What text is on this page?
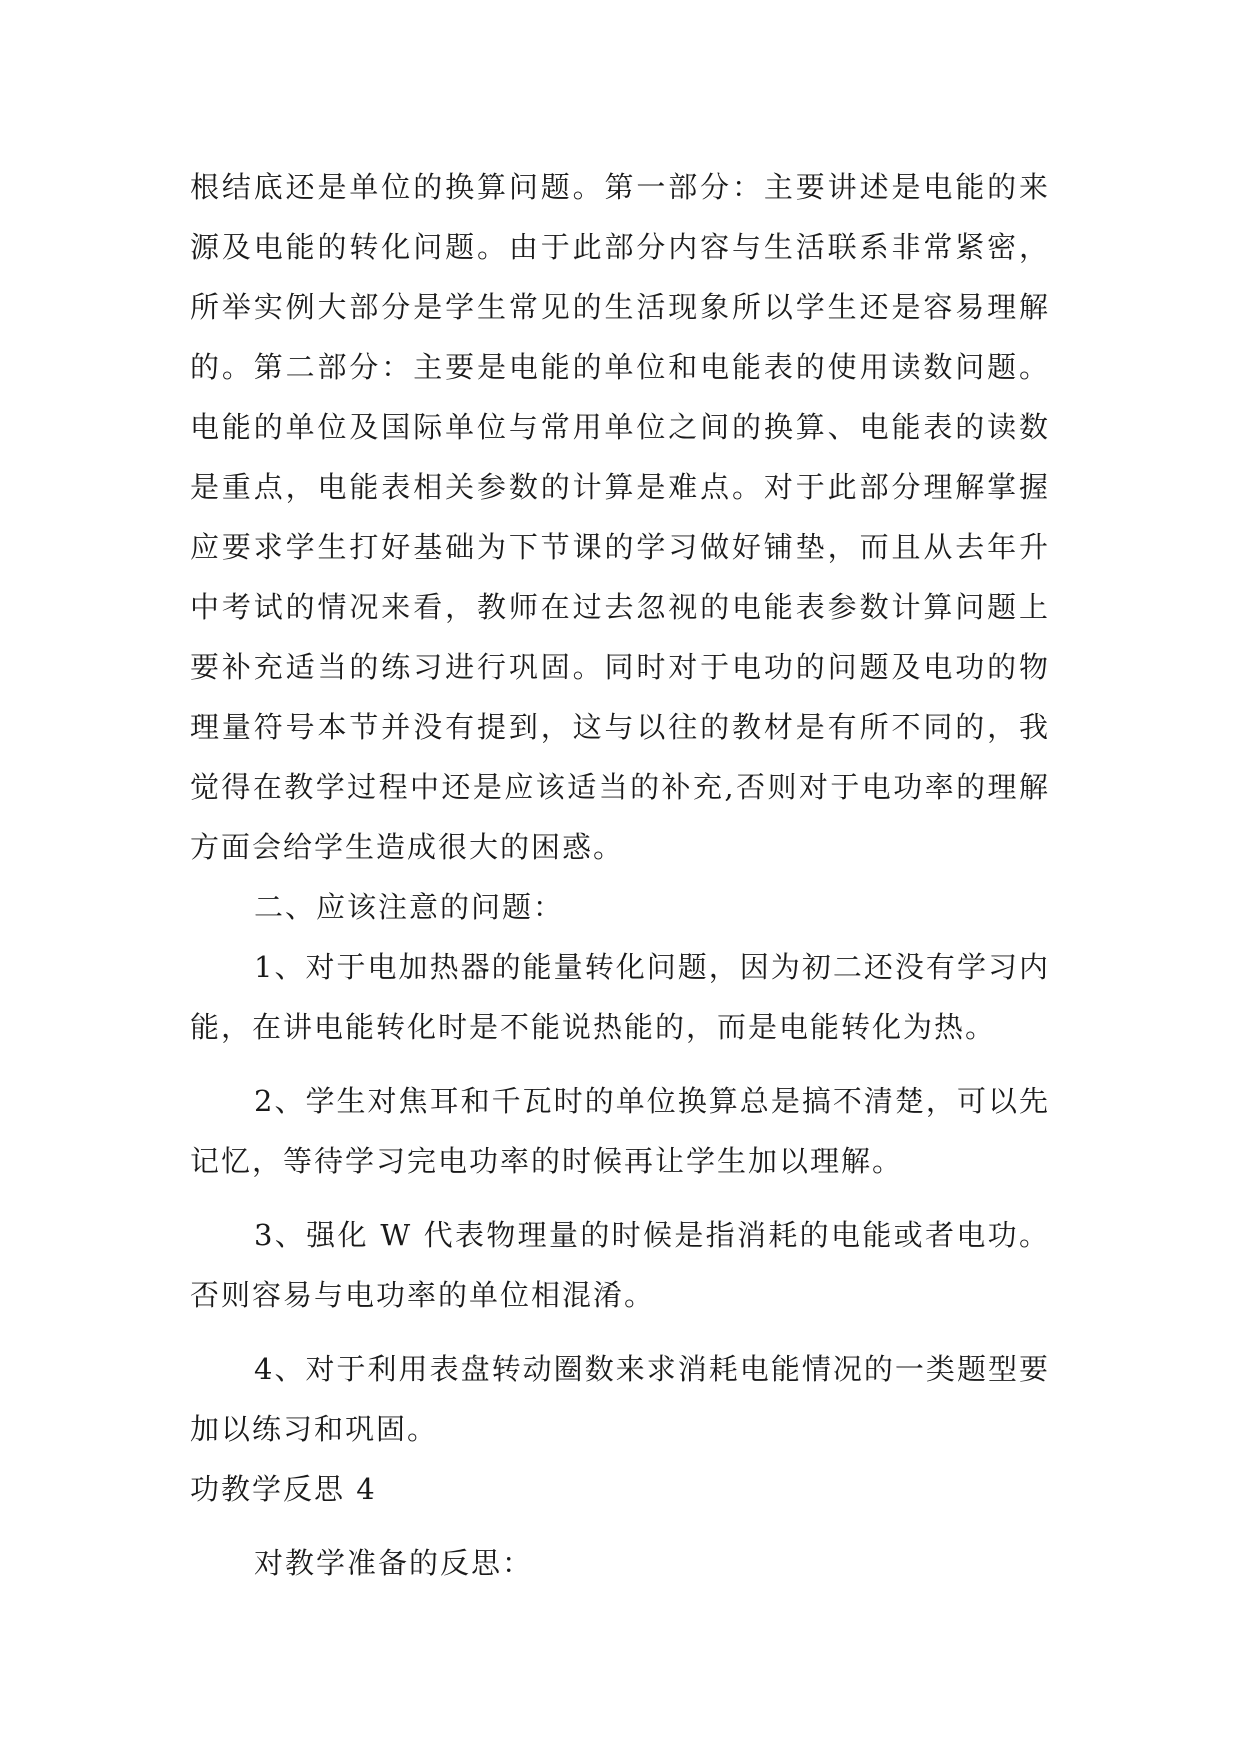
根结底还是单位的换算问题。第一部分：主要讲述是电能的来源及电能的转化问题。由于此部分内容与生活联系非常紧密，所举实例大部分是学生常见的生活现象所以学生还是容易理解的。第二部分：主要是电能的单位和电能表的使用读数问题。电能的单位及国际单位与常用单位之间的换算、电能表的读数是重点，电能表相关参数的计算是难点。对于此部分理解掌握应要求学生打好基础为下节课的学习做好铺垫，而且从去年升中考试的情况来看，教师在过去忽视的电能表参数计算问题上要补充适当的练习进行巩固。同时对于电功的问题及电功的物理量符号本节并没有提到，这与以往的教材是有所不同的，我觉得在教学过程中还是应该适当的补充,否则对于电功率的理解方面会给学生造成很大的困惑。

二、应该注意的问题：

1、对于电加热器的能量转化问题，因为初二还没有学习内能，在讲电能转化时是不能说热能的，而是电能转化为热。

2、学生对焦耳和千瓦时的单位换算总是搞不清楚，可以先记忆，等待学习完电功率的时候再让学生加以理解。

3、强化 W 代表物理量的时候是指消耗的电能或者电功。否则容易与电功率的单位相混淆。

4、对于利用表盘转动圈数来求消耗电能情况的一类题型要加以练习和巩固。

功教学反思 4

对教学准备的反思：
